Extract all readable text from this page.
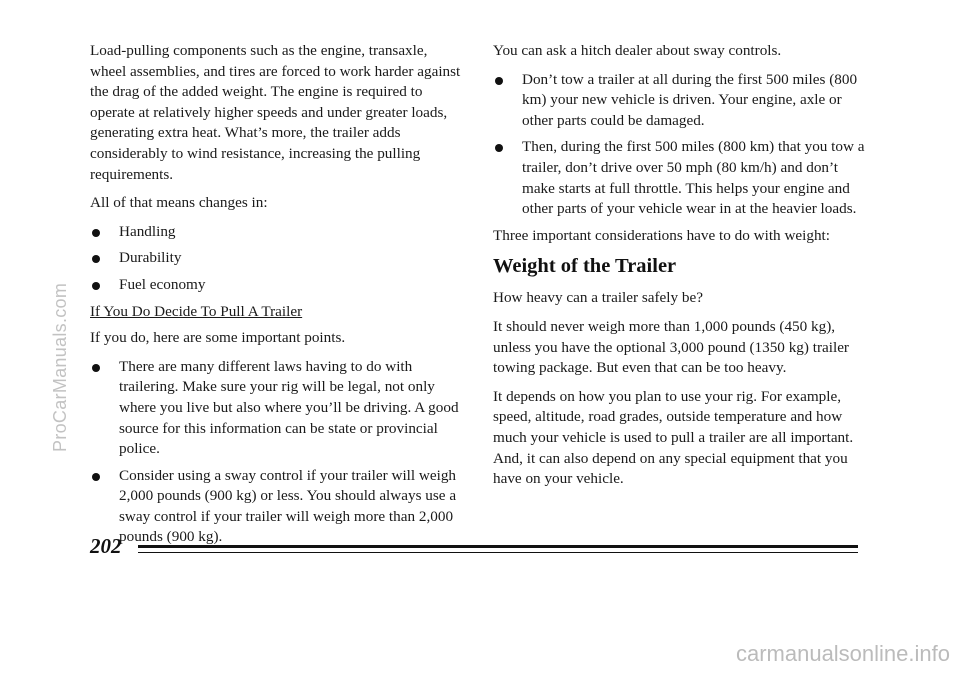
Load-pulling components such as the engine, transaxle, wheel assemblies, and tires are forced to work harder against the drag of the added weight. The engine is required to operate at relatively higher speeds and under greater loads, generating extra heat. What’s more, the trailer adds considerably to wind resistance, increasing the pulling requirements.

All of that means changes in:

Handling
Durability
Fuel economy

If You Do Decide To Pull A Trailer

If you do, here are some important points.

There are many different laws having to do with trailering. Make sure your rig will be legal, not only where you live but also where you’ll be driving. A good source for this information can be state or provincial police.
Consider using a sway control if your trailer will weigh 2,000 pounds (900 kg) or less. You should always use a sway control if your trailer will weigh more than 2,000 pounds (900 kg).

You can ask a hitch dealer about sway controls.

Don’t tow a trailer at all during the first 500 miles (800 km) your new vehicle is driven. Your engine, axle or other parts could be damaged.
Then, during the first 500 miles (800 km) that you tow a trailer, don’t drive over 50 mph (80 km/h) and don’t make starts at full throttle. This helps your engine and other parts of your vehicle wear in at the heavier loads.

Three important considerations have to do with weight:

Weight of the Trailer

How heavy can a trailer safely be?

It should never weigh more than 1,000 pounds (450 kg), unless you have the optional 3,000 pound (1350 kg) trailer towing package. But even that can be too heavy.

It depends on how you plan to use your rig. For example, speed, altitude, road grades, outside temperature and how much your vehicle is used to pull a trailer are all important. And, it can also depend on any special equipment that you have on your vehicle.

202
ProCarManuals.com
carmanualsonline.info
